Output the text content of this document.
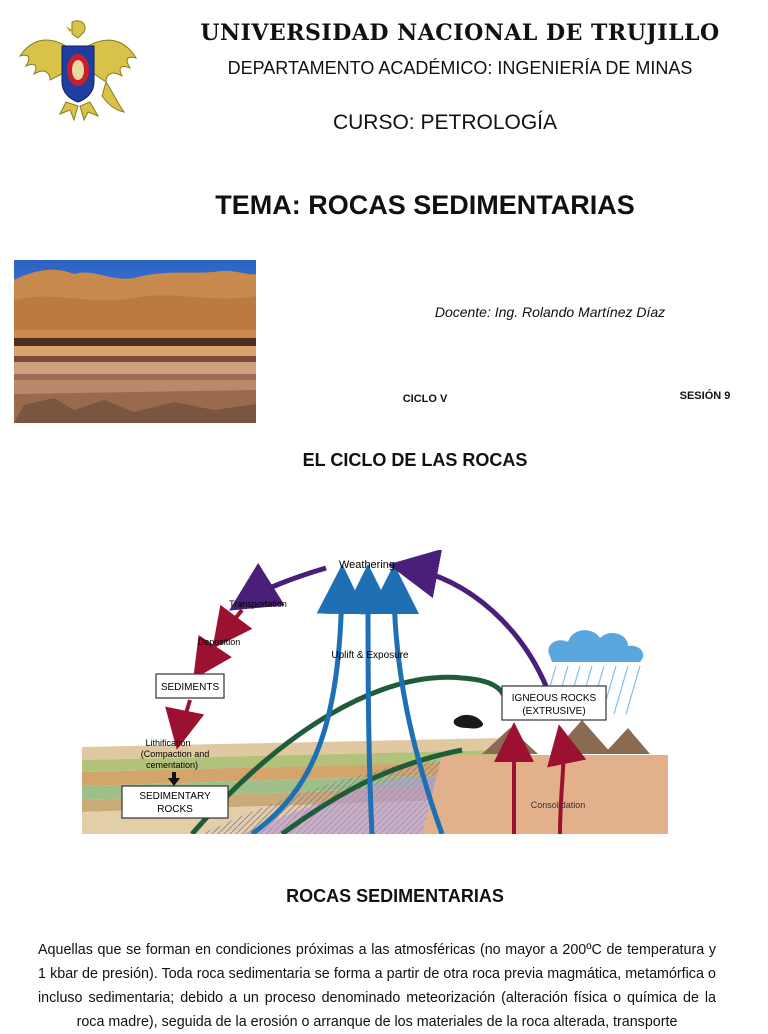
UNIVERSIDAD NACIONAL DE TRUJILLO
DEPARTAMENTO ACADÉMICO: INGENIERÍA DE MINAS
CURSO: PETROLOGÍA
TEMA: ROCAS SEDIMENTARIAS
Docente: Ing. Rolando Martínez Díaz
CICLO V	SESIÓN 9
EL CICLO DE LAS ROCAS
Weathering
Transportation
Deposition
SEDIMENTS
Lithification
(Compaction and
cementation)
SEDIMENTARY
ROCKS
Uplift & Exposure
IGNEOUS ROCKS
(EXTRUSIVE)
Consolidation
ROCAS SEDIMENTARIAS
Aquellas que se forman en condiciones próximas a las atmosféricas (no mayor a 200ºC de temperatura y 1 kbar de presión). Toda roca sedimentaria se forma a partir de otra roca previa magmática, metamórfica o incluso sedimentaria; debido a un proceso denominado meteorización (alteración física o química de la roca madre), seguida de la erosión o arranque de los materiales de la roca alterada, transporte
